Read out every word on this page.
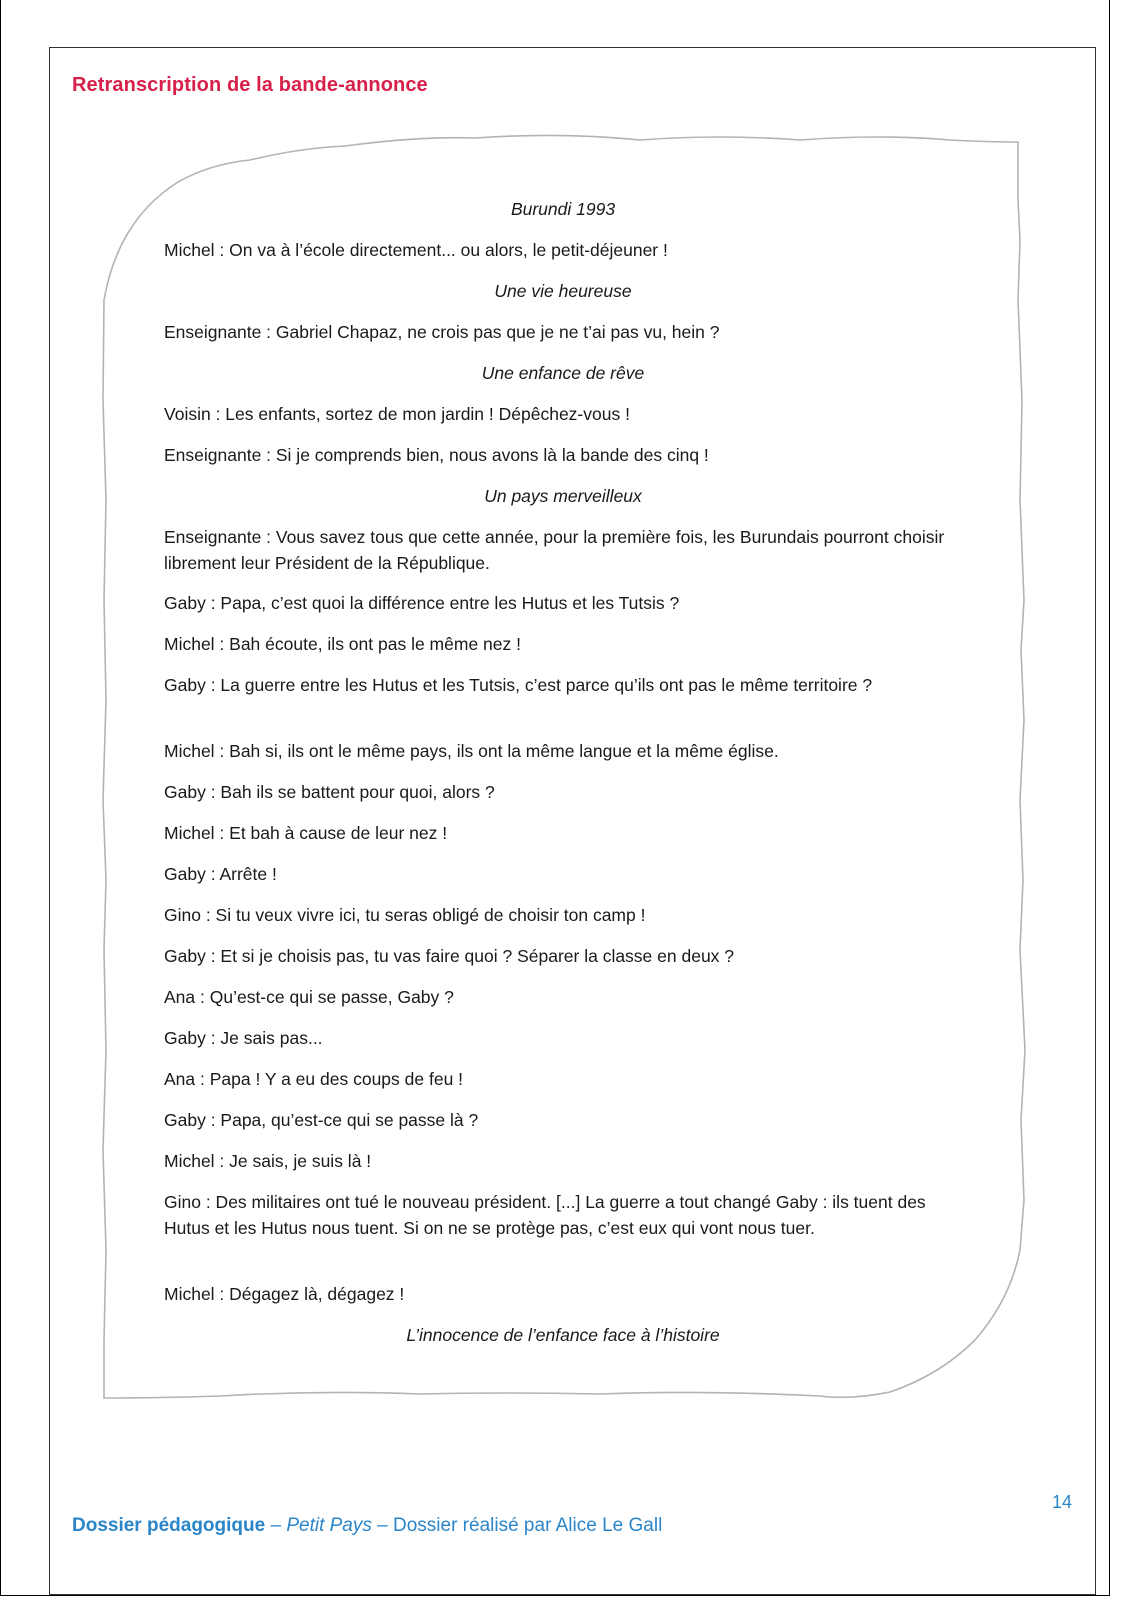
Retranscription de la bande-annonce

Burundi 1993

Michel : On va à l’école directement... ou alors, le petit-déjeuner !

Une vie heureuse

Enseignante : Gabriel Chapaz, ne crois pas que je ne t’ai pas vu, hein ?

Une enfance de rêve

Voisin : Les enfants, sortez de mon jardin ! Dépêchez-vous !

Enseignante : Si je comprends bien, nous avons là la bande des cinq !

Un pays merveilleux

Enseignante : Vous savez tous que cette année, pour la première fois, les Burundais pourront choisir librement leur Président de la République.

Gaby : Papa, c’est quoi la différence entre les Hutus et les Tutsis ?

Michel : Bah écoute, ils ont pas le même nez !

Gaby : La guerre entre les Hutus et les Tutsis, c’est parce qu’ils ont pas le même territoire ?

Michel : Bah si, ils ont le même pays, ils ont la même langue et la même église.

Gaby : Bah ils se battent pour quoi, alors ?

Michel : Et bah à cause de leur nez !

Gaby : Arrête !

Gino : Si tu veux vivre ici, tu seras obligé de choisir ton camp !

Gaby : Et si je choisis pas, tu vas faire quoi ? Séparer la classe en deux ?

Ana : Qu’est-ce qui se passe, Gaby ?

Gaby : Je sais pas...

Ana : Papa ! Y a eu des coups de feu !

Gaby : Papa, qu’est-ce qui se passe là ?

Michel : Je sais, je suis là !

Gino : Des militaires ont tué le nouveau président. [...] La guerre a tout changé Gaby : ils tuent des Hutus et les Hutus nous tuent. Si on ne se protège pas, c’est eux qui vont nous tuer.

Michel : Dégagez là, dégagez !

L’innocence de l’enfance face à l’histoire

14
Dossier pédagogique – Petit Pays – Dossier réalisé par Alice Le Gall
